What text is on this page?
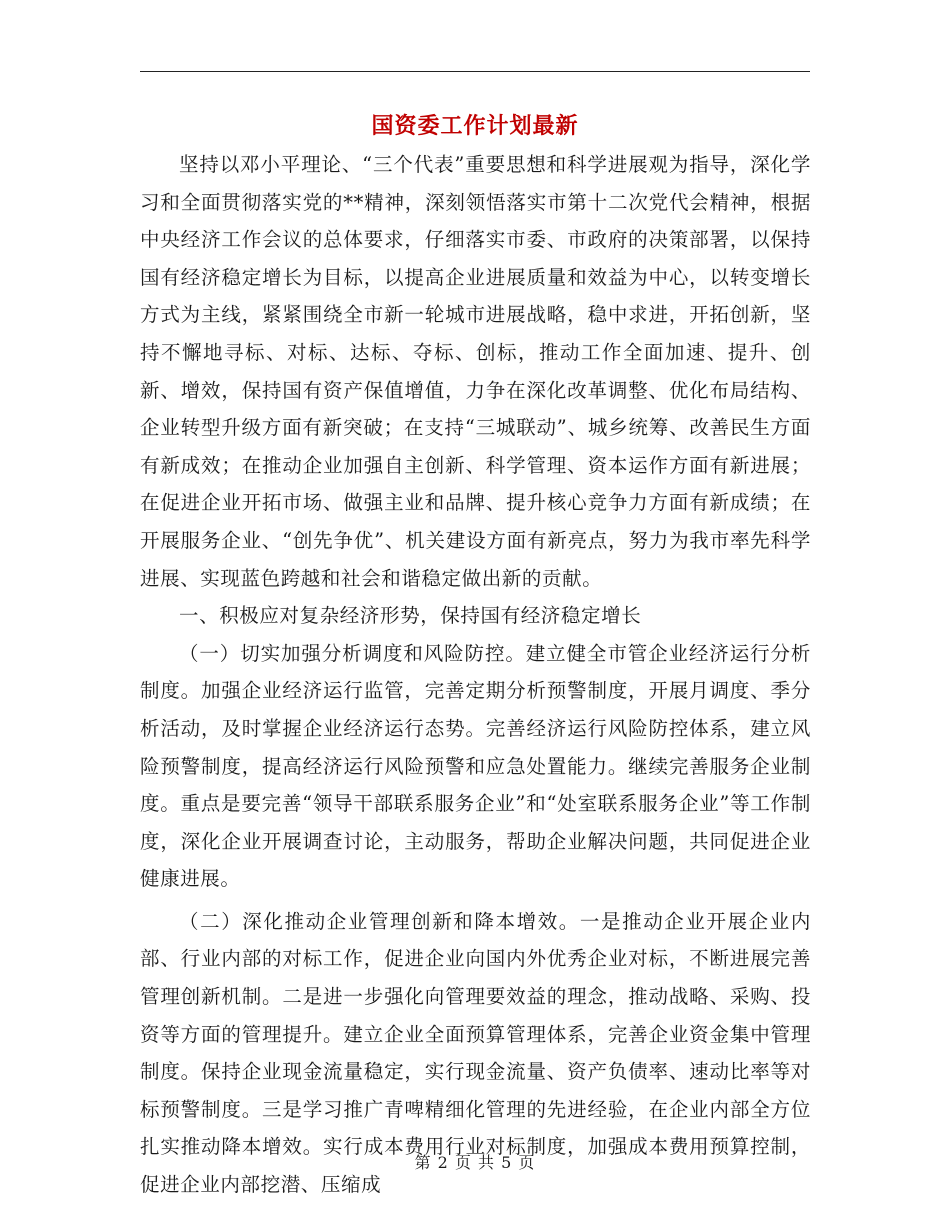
国资委工作计划最新

坚持以邓小平理论、“三个代表”重要思想和科学进展观为指导，深化学习和全面贯彻落实党的**精神，深刻领悟落实市第十二次党代会精神，根据中央经济工作会议的总体要求，仔细落实市委、市政府的决策部署，以保持国有经济稳定增长为目标，以提高企业进展质量和效益为中心，以转变增长方式为主线，紧紧围绕全市新一轮城市进展战略，稳中求进，开拓创新，坚持不懈地寻标、对标、达标、夺标、创标，推动工作全面加速、提升、创新、增效，保持国有资产保值增值，力争在深化改革调整、优化布局结构、企业转型升级方面有新突破；在支持“三城联动”、城乡统筹、改善民生方面有新成效；在推动企业加强自主创新、科学管理、资本运作方面有新进展；在促进企业开拓市场、做强主业和品牌、提升核心竞争力方面有新成绩；在开展服务企业、“创先争优”、机关建设方面有新亮点，努力为我市率先科学进展、实现蓝色跨越和社会和谐稳定做出新的贡献。

一、积极应对复杂经济形势，保持国有经济稳定增长

（一）切实加强分析调度和风险防控。建立健全市管企业经济运行分析制度。加强企业经济运行监管，完善定期分析预警制度，开展月调度、季分析活动，及时掌握企业经济运行态势。完善经济运行风险防控体系，建立风险预警制度，提高经济运行风险预警和应急处置能力。继续完善服务企业制度。重点是要完善“领导干部联系服务企业”和“处室联系服务企业”等工作制度，深化企业开展调查讨论，主动服务，帮助企业解决问题，共同促进企业健康进展。

（二）深化推动企业管理创新和降本增效。一是推动企业开展企业内部、行业内部的对标工作，促进企业向国内外优秀企业对标，不断进展完善管理创新机制。二是进一步强化向管理要效益的理念，推动战略、采购、投资等方面的管理提升。建立企业全面预算管理体系，完善企业资金集中管理制度。保持企业现金流量稳定，实行现金流量、资产负债率、速动比率等对标预警制度。三是学习推广青啤精细化管理的先进经验，在企业内部全方位扎实推动降本增效。实行成本费用行业对标制度，加强成本费用预算控制，促进企业内部挖潜、压缩成

第 2 页 共 5 页
